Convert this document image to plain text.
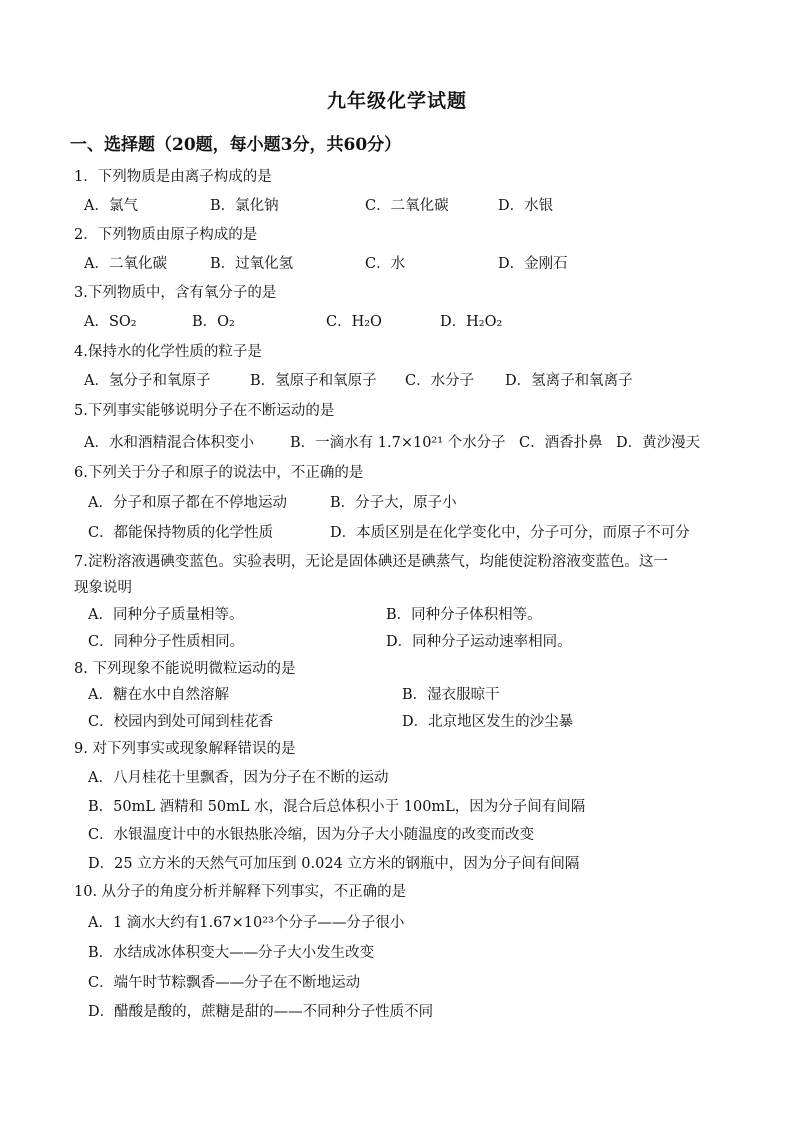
九年级化学试题
一、选择题（20题，每小题3分，共60分）
1．下列物质是由离子构成的是
A．氯气	B．氯化钠	C．二氧化碳	D．水银
2．下列物质由原子构成的是
A．二氧化碳	B．过氧化氢	C．水	D．金刚石
3.下列物质中，含有氧分子的是
A．SO₂	B．O₂	C．H₂O	D．H₂O₂
4.保持水的化学性质的粒子是
A．氢分子和氧原子	B．氢原子和氧原子 C．水分子 D．氢离子和氧离子
5.下列事实能够说明分子在不断运动的是
A．水和酒精混合体积变小 B．一滴水有 1.7×10²¹ 个水分子 C．酒香扑鼻 D．黄沙漫天
6.下列关于分子和原子的说法中，不正确的是
A．分子和原子都在不停地运动	B．分子大，原子小
C．都能保持物质的化学性质	D．本质区别是在化学变化中，分子可分，而原子不可分
7.淀粉溶液遇碘变蓝色。实验表明，无论是固体碘还是碘蒸气，均能使淀粉溶液变蓝色。这一
现象说明
A．同种分子质量相等。	B．同种分子体积相等。
C．同种分子性质相同。	D．同种分子运动速率相同。
8. 下列现象不能说明微粒运动的是
A．糖在水中自然溶解	B．湿衣服晾干
C．校园内到处可闻到桂花香	D．北京地区发生的沙尘暴
9. 对下列事实或现象解释错误的是
A．八月桂花十里飘香，因为分子在不断的运动
B．50mL 酒精和 50mL 水，混合后总体积小于 100mL，因为分子间有间隔
C．水银温度计中的水银热胀冷缩，因为分子大小随温度的改变而改变
D．25 立方米的天然气可加压到 0.024 立方米的钢瓶中，因为分子间有间隔
10. 从分子的角度分析并解释下列事实，不正确的是
A．1 滴水大约有1.67×10²³个分子——分子很小
B．水结成冰体积变大——分子大小发生改变
C．端午时节粽飘香——分子在不断地运动
D．醋酸是酸的，蔗糖是甜的——不同种分子性质不同
